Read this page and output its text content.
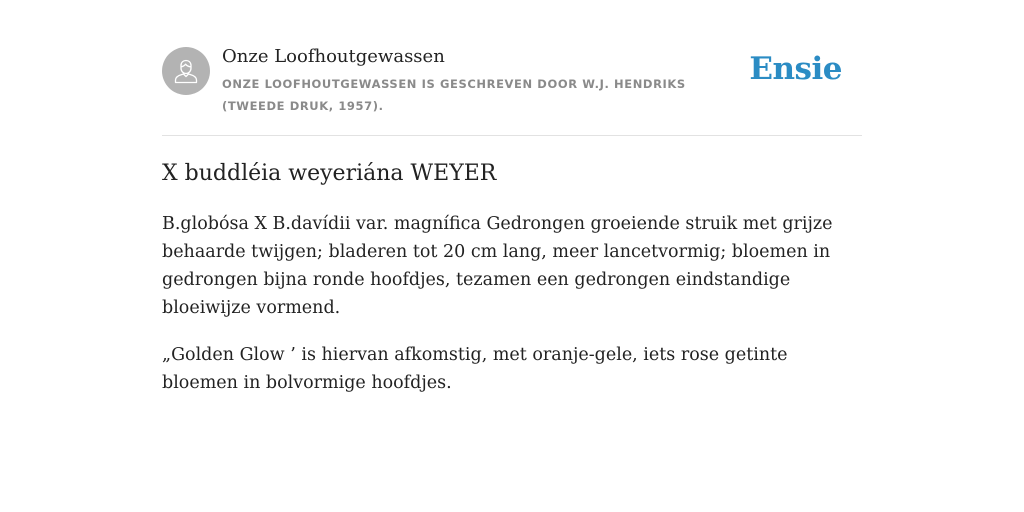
Onze Loofhoutgewassen
ONZE LOOFHOUTGEWASSEN IS GESCHREVEN DOOR W.J. HENDRIKS (TWEEDE DRUK, 1957).
Ensie
X buddléia weyeriána WEYER

B.globósa X B.davídii var. magnífica Gedrongen groeiende struik met grijze behaarde twijgen; bladeren tot 20 cm lang, meer lancetvormig; bloemen in gedrongen bijna ronde hoofdjes, tezamen een gedrongen eindstandige bloeiwijze vormend.

„Golden Glow ’ is hiervan afkomstig, met oranje-gele, iets rose getinte bloemen in bolvormige hoofdjes.
